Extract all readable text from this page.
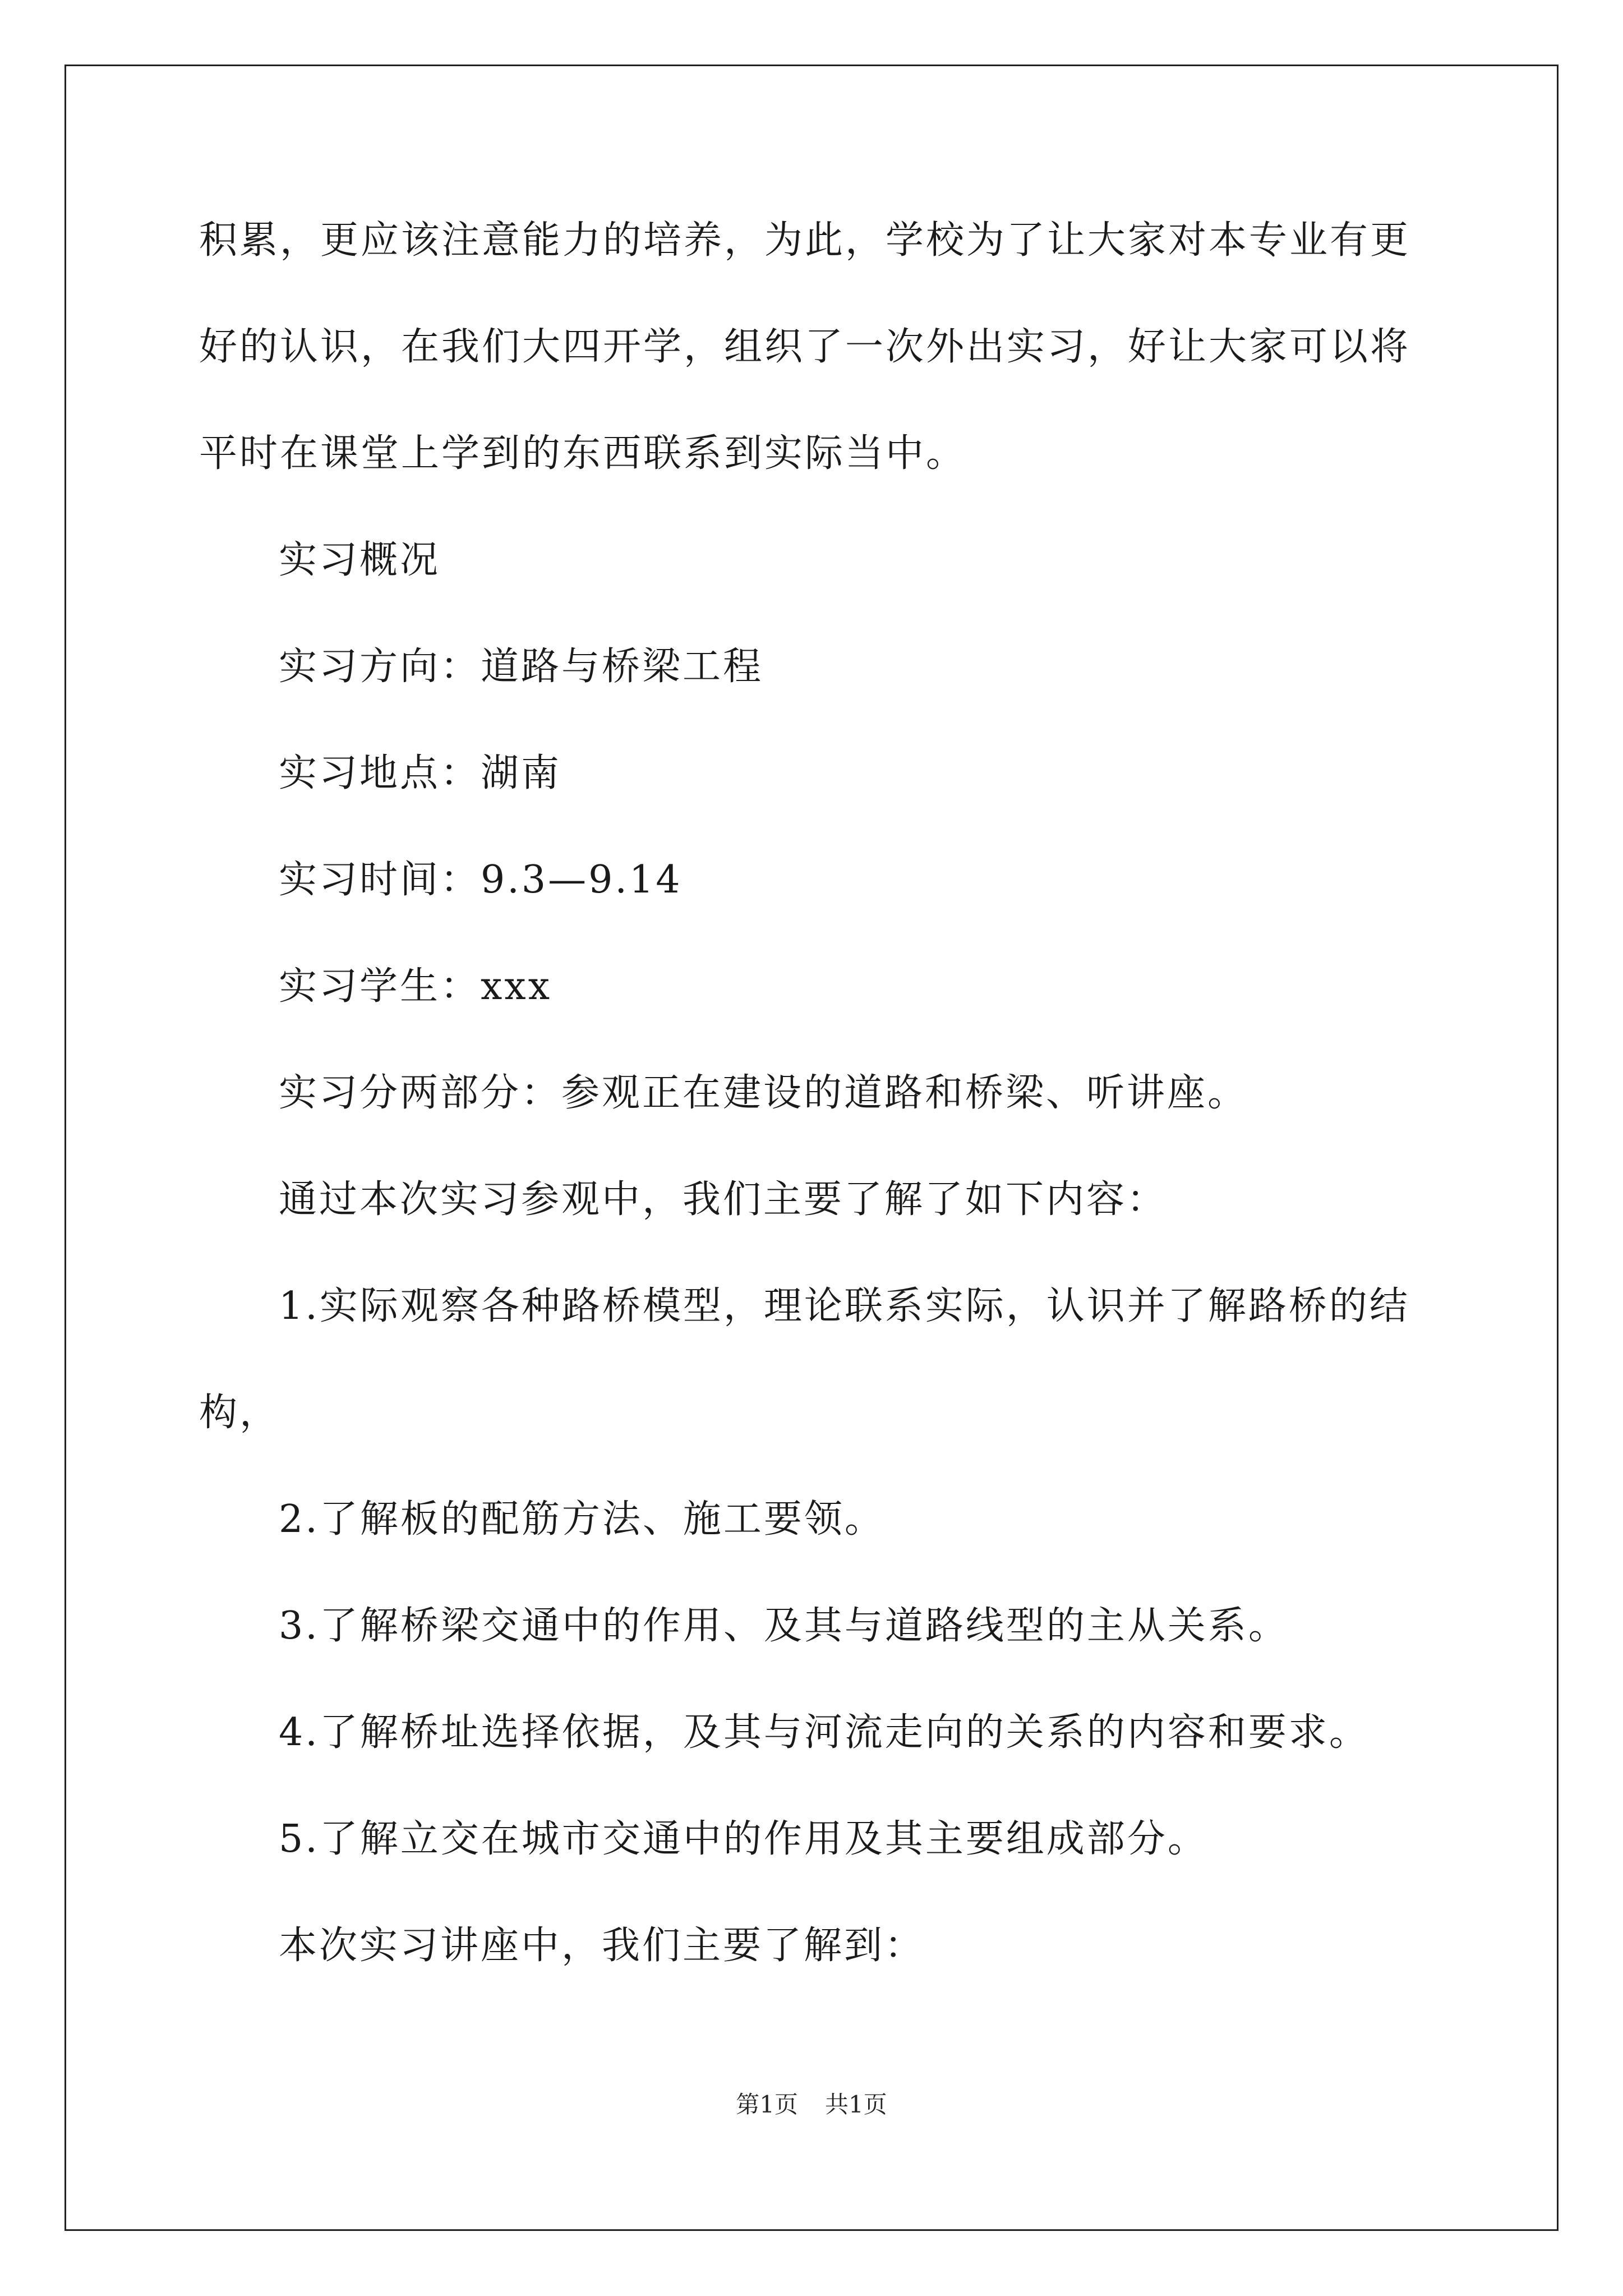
积累，更应该注意能力的培养，为此，学校为了让大家对本专业有更
好的认识，在我们大四开学，组织了一次外出实习，好让大家可以将
平时在课堂上学到的东西联系到实际当中。
实习概况
实习方向：道路与桥梁工程
实习地点：湖南
实习时间：9.3—9.14
实习学生：xxx
实习分两部分：参观正在建设的道路和桥梁、听讲座。
通过本次实习参观中，我们主要了解了如下内容：
1.实际观察各种路桥模型，理论联系实际，认识并了解路桥的结
构，
2.了解板的配筋方法、施工要领。
3.了解桥梁交通中的作用、及其与道路线型的主从关系。
4.了解桥址选择依据，及其与河流走向的关系的内容和要求。
5.了解立交在城市交通中的作用及其主要组成部分。
本次实习讲座中，我们主要了解到：
第1页 共1页
